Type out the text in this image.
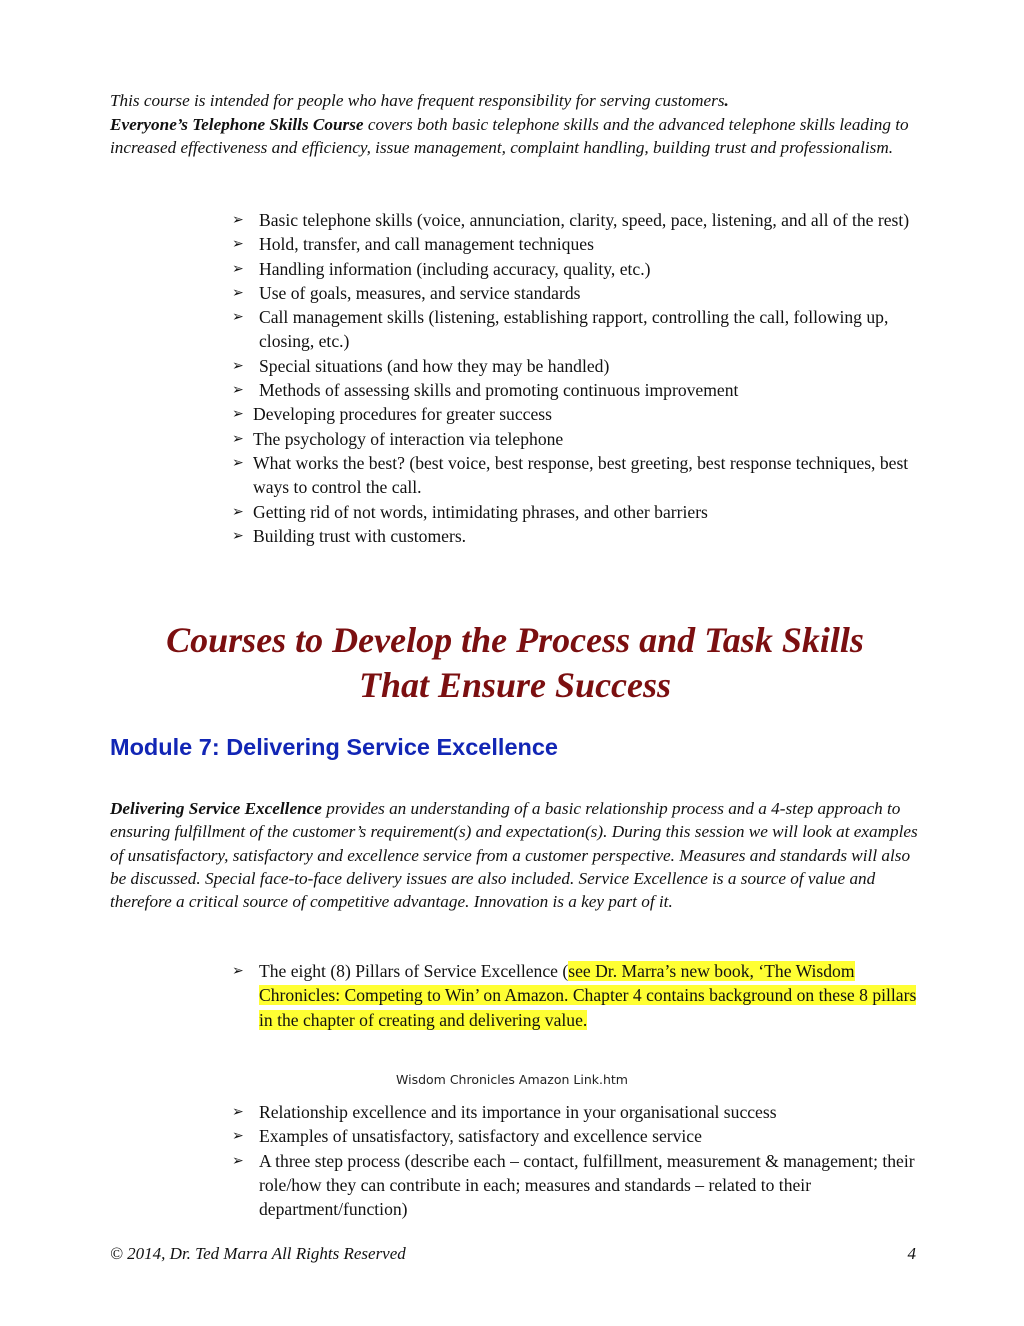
This course is intended for people who have frequent responsibility for serving customers.
Everyone’s Telephone Skills Course covers both basic telephone skills and the advanced telephone skills leading to increased effectiveness and efficiency, issue management, complaint handling, building trust and professionalism.

➢ Basic telephone skills (voice, annunciation, clarity, speed, pace, listening, and all of the rest)
➢ Hold, transfer, and call management techniques
➢ Handling information (including accuracy, quality, etc.)
➢ Use of goals, measures, and service standards
➢ Call management skills (listening, establishing rapport, controlling the call, following up, closing, etc.)
➢ Special situations (and how they may be handled)
➢ Methods of assessing skills and promoting continuous improvement
➢ Developing procedures for greater success
➢ The psychology of interaction via telephone
➢ What works the best? (best voice, best response, best greeting, best response techniques, best ways to control the call.
➢ Getting rid of not words, intimidating phrases, and other barriers
➢ Building trust with customers.
Courses to Develop the Process and Task Skills
That Ensure Success
Module 7: Delivering Service Excellence

Delivering Service Excellence provides an understanding of a basic relationship process and a 4-step approach to ensuring fulfillment of the customer’s requirement(s) and expectation(s). During this session we will look at examples of unsatisfactory, satisfactory and excellence service from a customer perspective. Measures and standards will also be discussed. Special face-to-face delivery issues are also included. Service Excellence is a source of value and therefore a critical source of competitive advantage. Innovation is a key part of it.

➢ The eight (8) Pillars of Service Excellence (see Dr. Marra’s new book, ‘The Wisdom Chronicles: Competing to Win’ on Amazon. Chapter 4 contains background on these 8 pillars in the chapter of creating and delivering value.
Wisdom Chronicles Amazon Link.htm
➢ Relationship excellence and its importance in your organisational success
➢ Examples of unsatisfactory, satisfactory and excellence service
➢ A three step process (describe each – contact, fulfillment, measurement & management; their role/how they can contribute in each; measures and standards – related to their department/function)
© 2014, Dr. Ted Marra All Rights Reserved	4
